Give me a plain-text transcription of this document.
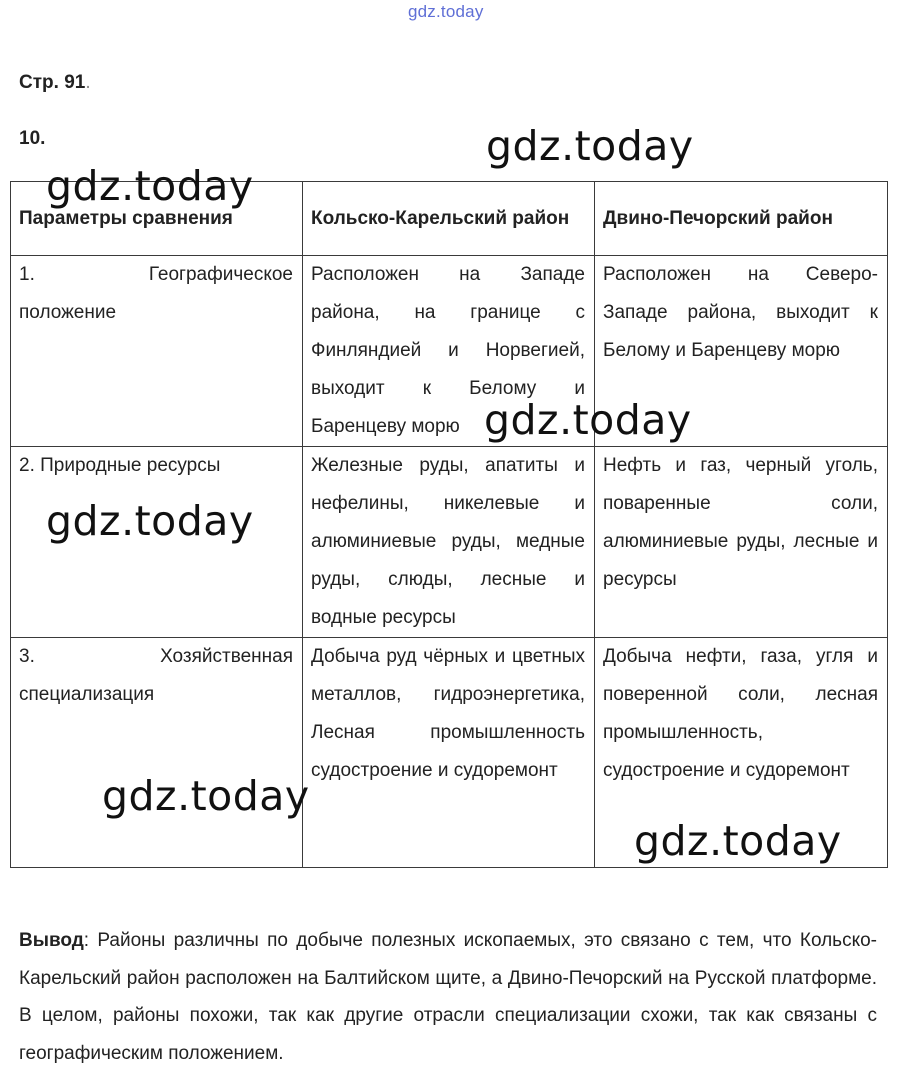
gdz.today
Стр. 91.
10.
Параметры сравнения	Кольско-Карельский район	Двино-Печорский район

1. Географическое
положение	Расположен на Западе района, на границе с Финляндией и Норвегией, выходит к Белому и Баренцеву морю	Расположен на Северо-Западе района, выходит к Белому и Баренцеву морю

2. Природные ресурсы	Железные руды, апатиты и нефелины, никелевые и алюминиевые руды, медные руды, слюды, лесные и водные ресурсы	Нефть и газ, черный уголь, поваренные соли, алюминиевые руды, лесные и ресурсы

3. Хозяйственная
специализация	Добыча руд чёрных и цветных металлов, гидроэнергетика, Лесная промышленность судостроение и судоремонт	Добыча нефти, газа, угля и поверенной соли, лесная промышленность, судостроение и судоремонт
Вывод: Районы различны по добыче полезных ископаемых, это связано с тем, что Кольско-Карельский район расположен на Балтийском щите, а Двино-Печорский на Русской платформе. В целом, районы похожи, так как другие отрасли специализации схожи, так как связаны с географическим положением.
gdz.today
gdz.today
gdz.today
gdz.today
gdz.today
gdz.today
